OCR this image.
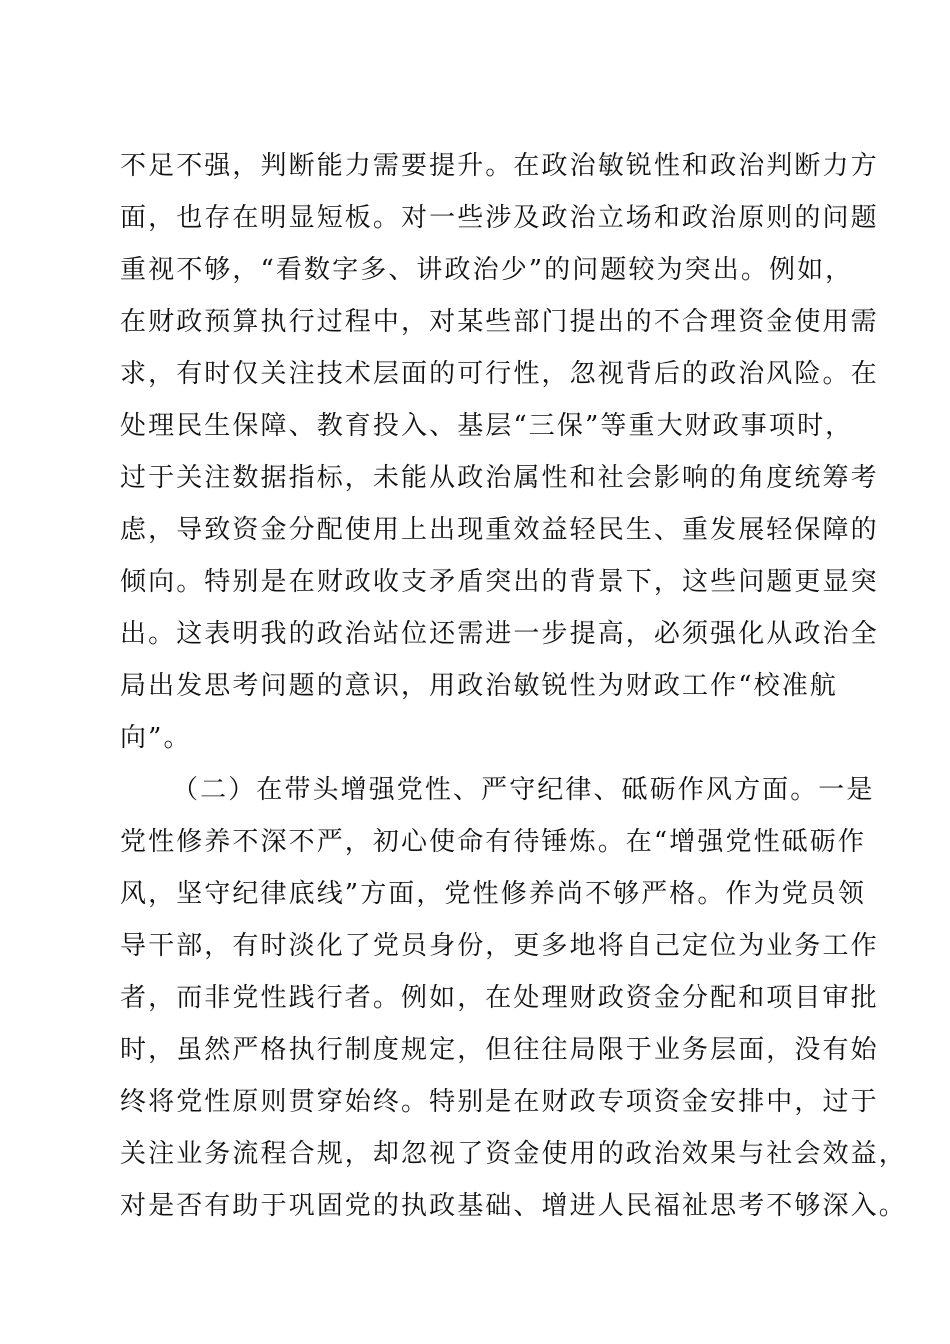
不足不强，判断能力需要提升。在政治敏锐性和政治判断力方
面，也存在明显短板。对一些涉及政治立场和政治原则的问题
重视不够，“看数字多、讲政治少”的问题较为突出。例如，
在财政预算执行过程中，对某些部门提出的不合理资金使用需
求，有时仅关注技术层面的可行性，忽视背后的政治风险。在
处理民生保障、教育投入、基层“三保”等重大财政事项时，
过于关注数据指标，未能从政治属性和社会影响的角度统筹考
虑，导致资金分配使用上出现重效益轻民生、重发展轻保障的
倾向。特别是在财政收支矛盾突出的背景下，这些问题更显突
出。这表明我的政治站位还需进一步提高，必须强化从政治全
局出发思考问题的意识，用政治敏锐性为财政工作“校准航
向”。
（二）在带头增强党性、严守纪律、砥砺作风方面。一是
党性修养不深不严，初心使命有待锤炼。在“增强党性砥砺作
风，坚守纪律底线”方面，党性修养尚不够严格。作为党员领
导干部，有时淡化了党员身份，更多地将自己定位为业务工作
者，而非党性践行者。例如，在处理财政资金分配和项目审批
时，虽然严格执行制度规定，但往往局限于业务层面，没有始
终将党性原则贯穿始终。特别是在财政专项资金安排中，过于
关注业务流程合规，却忽视了资金使用的政治效果与社会效益，
对是否有助于巩固党的执政基础、增进人民福祉思考不够深入。
